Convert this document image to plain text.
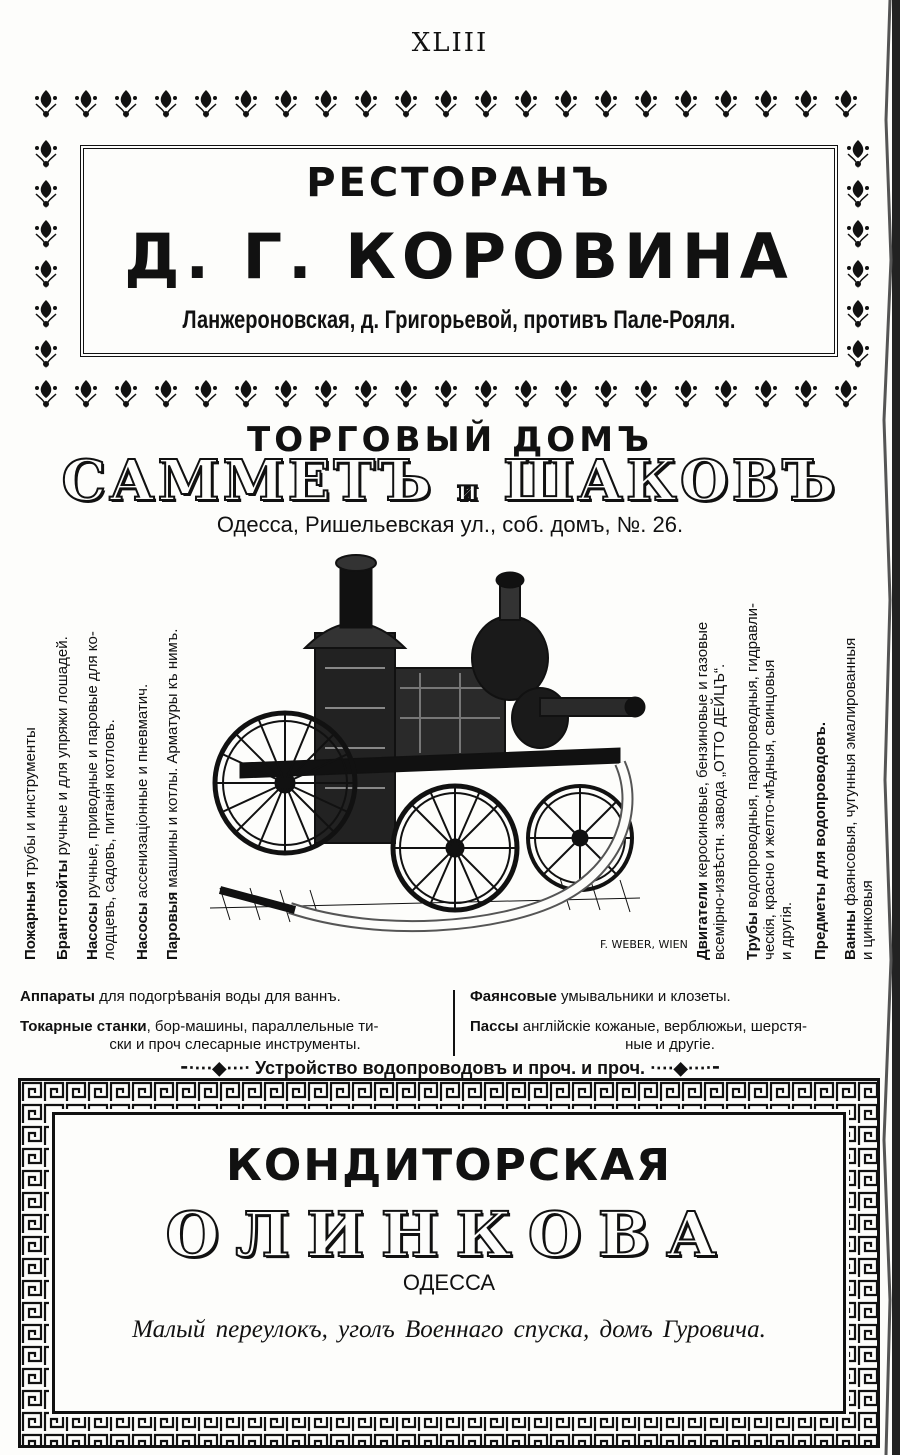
XLIII
РЕСТОРАНЪ
Д. Г. КОРОВИНА
Ланжероновская, д. Григорьевой, противъ Пале-Рояля.
ТОРГОВЫЙ ДОМЪ
САММЕТЪ и ШАКОВЪ
Одесса, Ришельевская ул., соб. домъ, №. 26.
Пожарныя трубы и инструменты
Брантспойты ручные и для упряжи лошадей.
Насосы ручные, приводные и паровые для ко- лодцевъ, садовъ, питанія котловъ. Насосы ассенизаціонные и пневматич.
Паровыя машины и котлы. Арматуры къ нимъ.
F. WEBER, WIEN Двигатели керосиновые, бензиновые и газовые всемірно-извѣстн. завода „ОТТО ДЕЙЦЪ“. Трубы водопроводныя, паропроводныя, гидравли- ческія, красно и желто-мѣдныя, свинцовыя и другія. Предметы для водопроводовъ. Ванны фаянсовыя, чугунныя эмалированныя
и цинковыя
Аппараты для подогрѣванія воды для ваннъ.
Токарные станки, бор-машины, параллельные ти-
ски и проч слесарные инструменты.
Фаянсовые умывальники и клозеты.
Пассы англійскіе кожаные, верблюжьи, шерстя-
ные и другіе.
⁃⋅⋯◆⋯⋅ Устройство водопроводовъ и проч. и проч. ⋅⋯◆⋯⋅⁃
КОНДИТОРСКАЯ
ОЛИНКОВА
ОДЕССА
Малый переулокъ, уголъ Военнаго спуска, домъ Гуровича.
